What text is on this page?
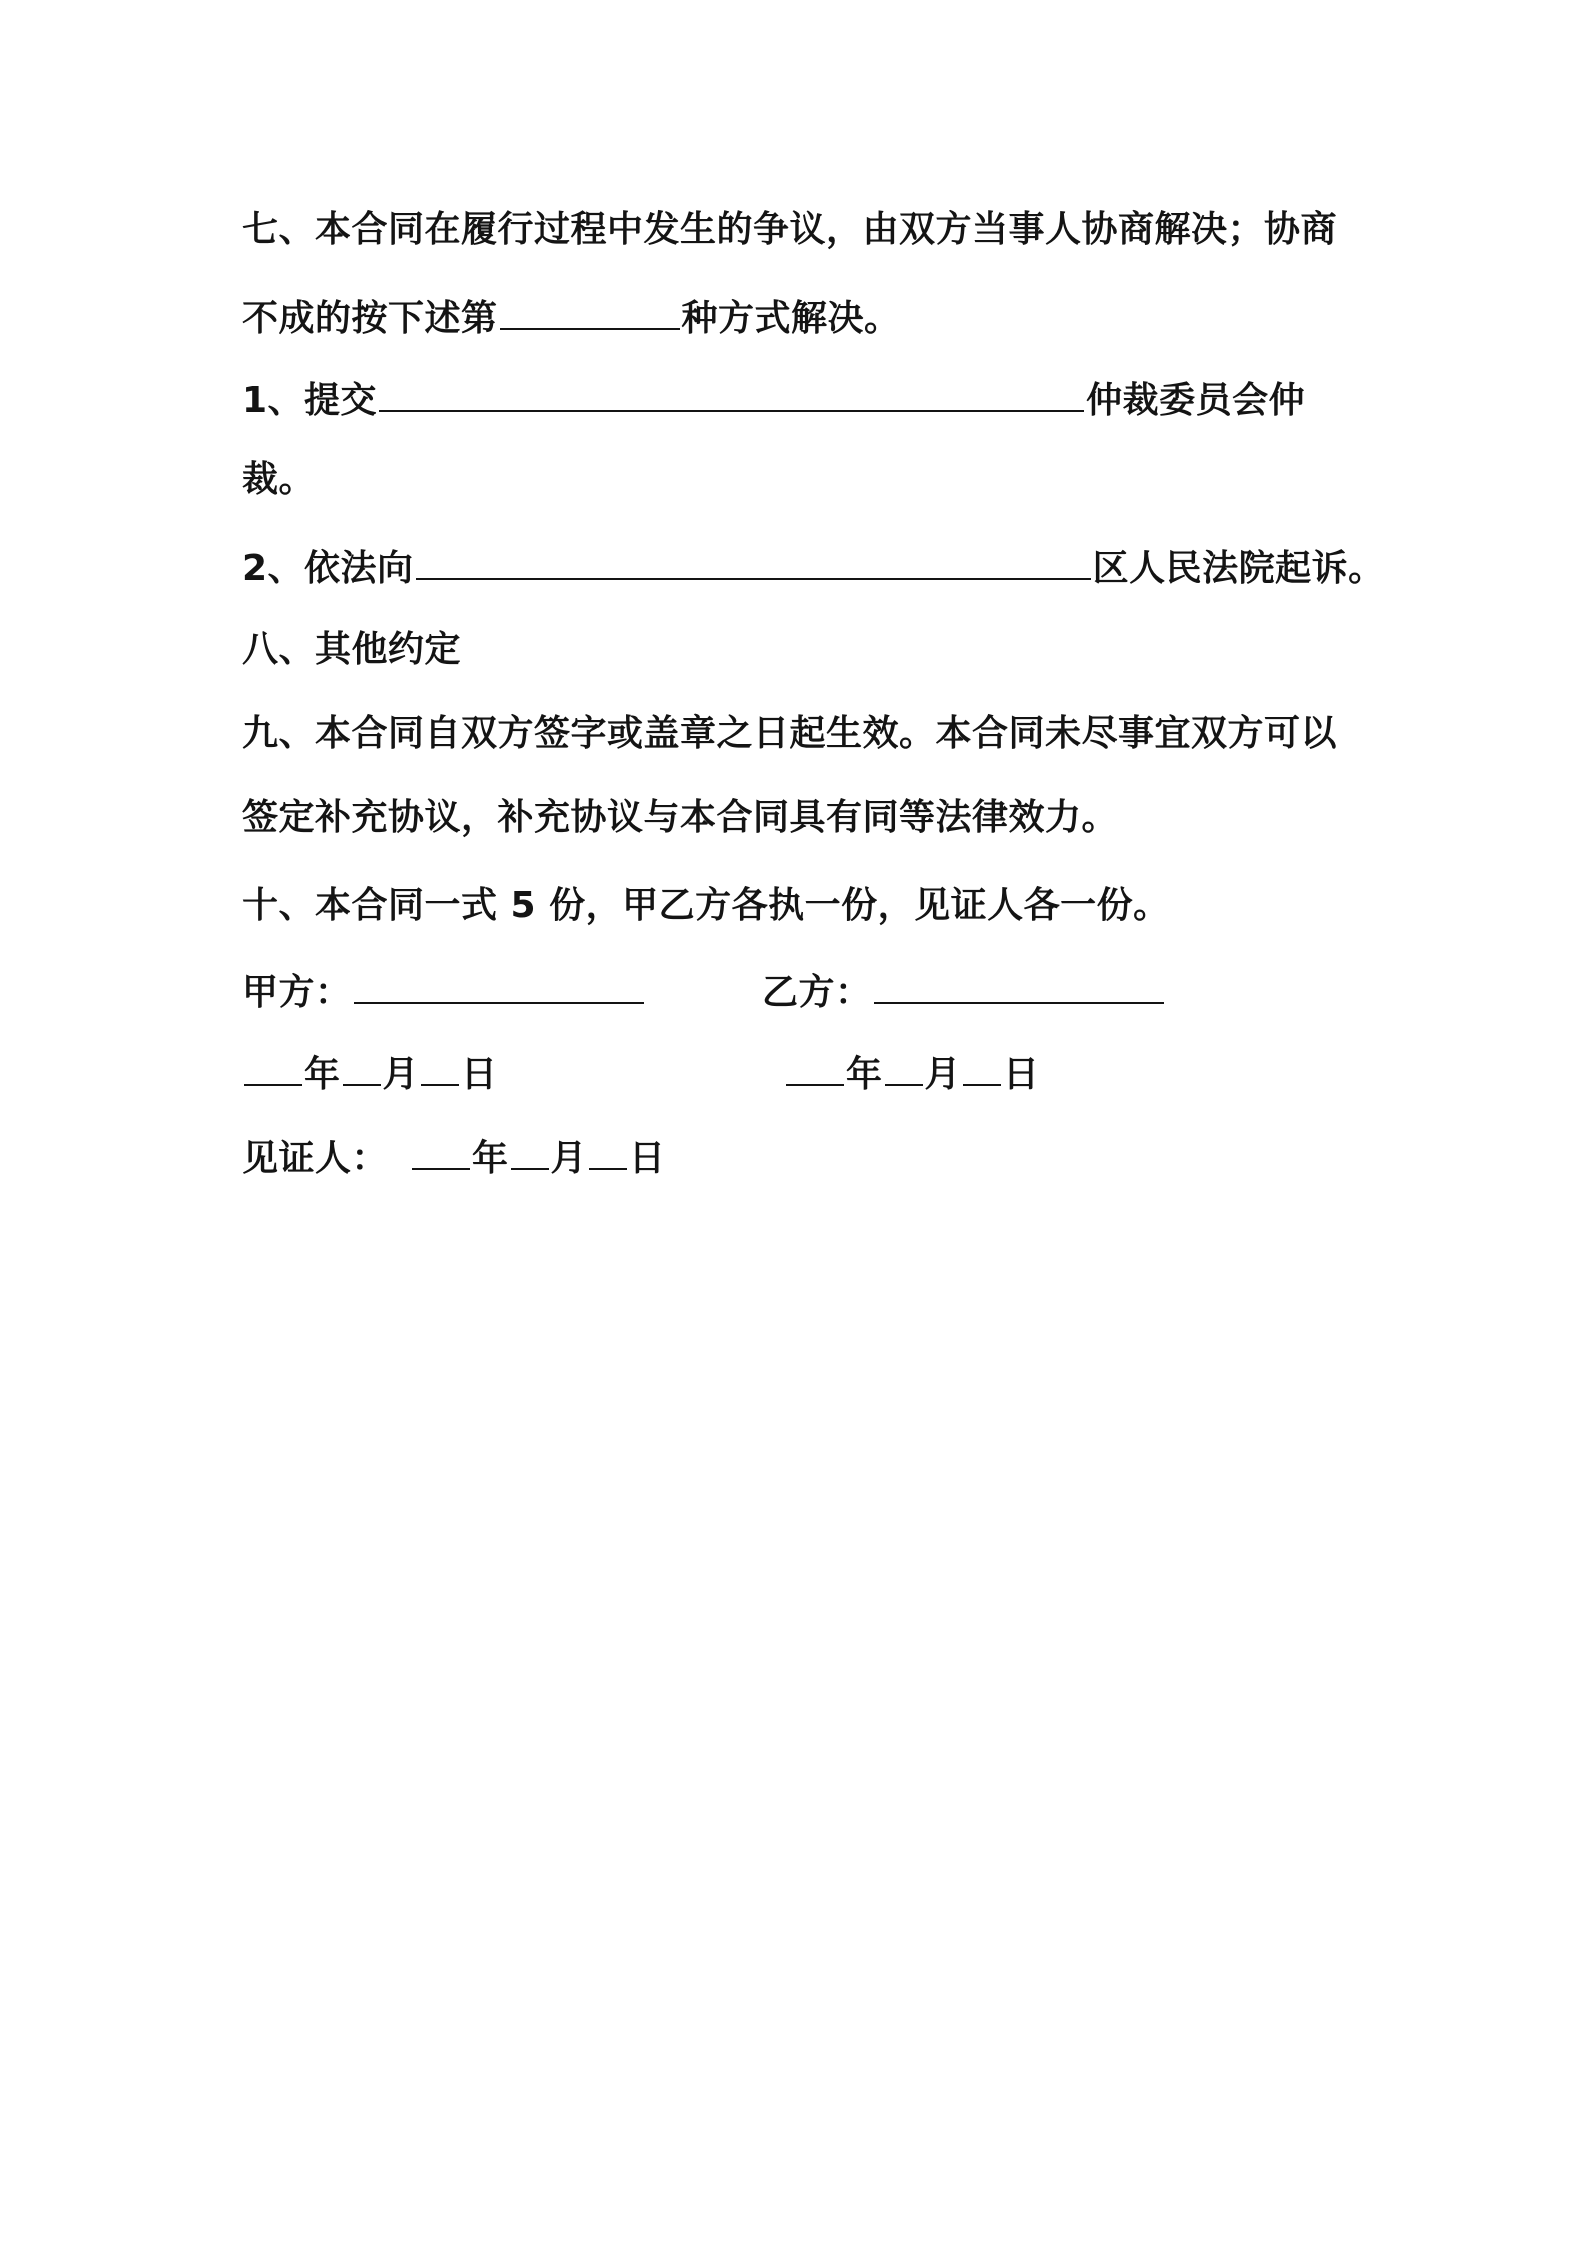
七、本合同在履行过程中发生的争议，由双方当事人协商解决；协商
不成的按下述第	种方式解决。
1、提交	仲裁委员会仲
裁。
2、依法向	区人民法院起诉。
八、其他约定
九、本合同自双方签字或盖章之日起生效。本合同未尽事宜双方可以
签定补充协议，补充协议与本合同具有同等法律效力。
十、本合同一式 5 份，甲乙方各执一份，见证人各一份。
甲方：	乙方：
年 月 日	年 月 日
见证人： 年 月 日
